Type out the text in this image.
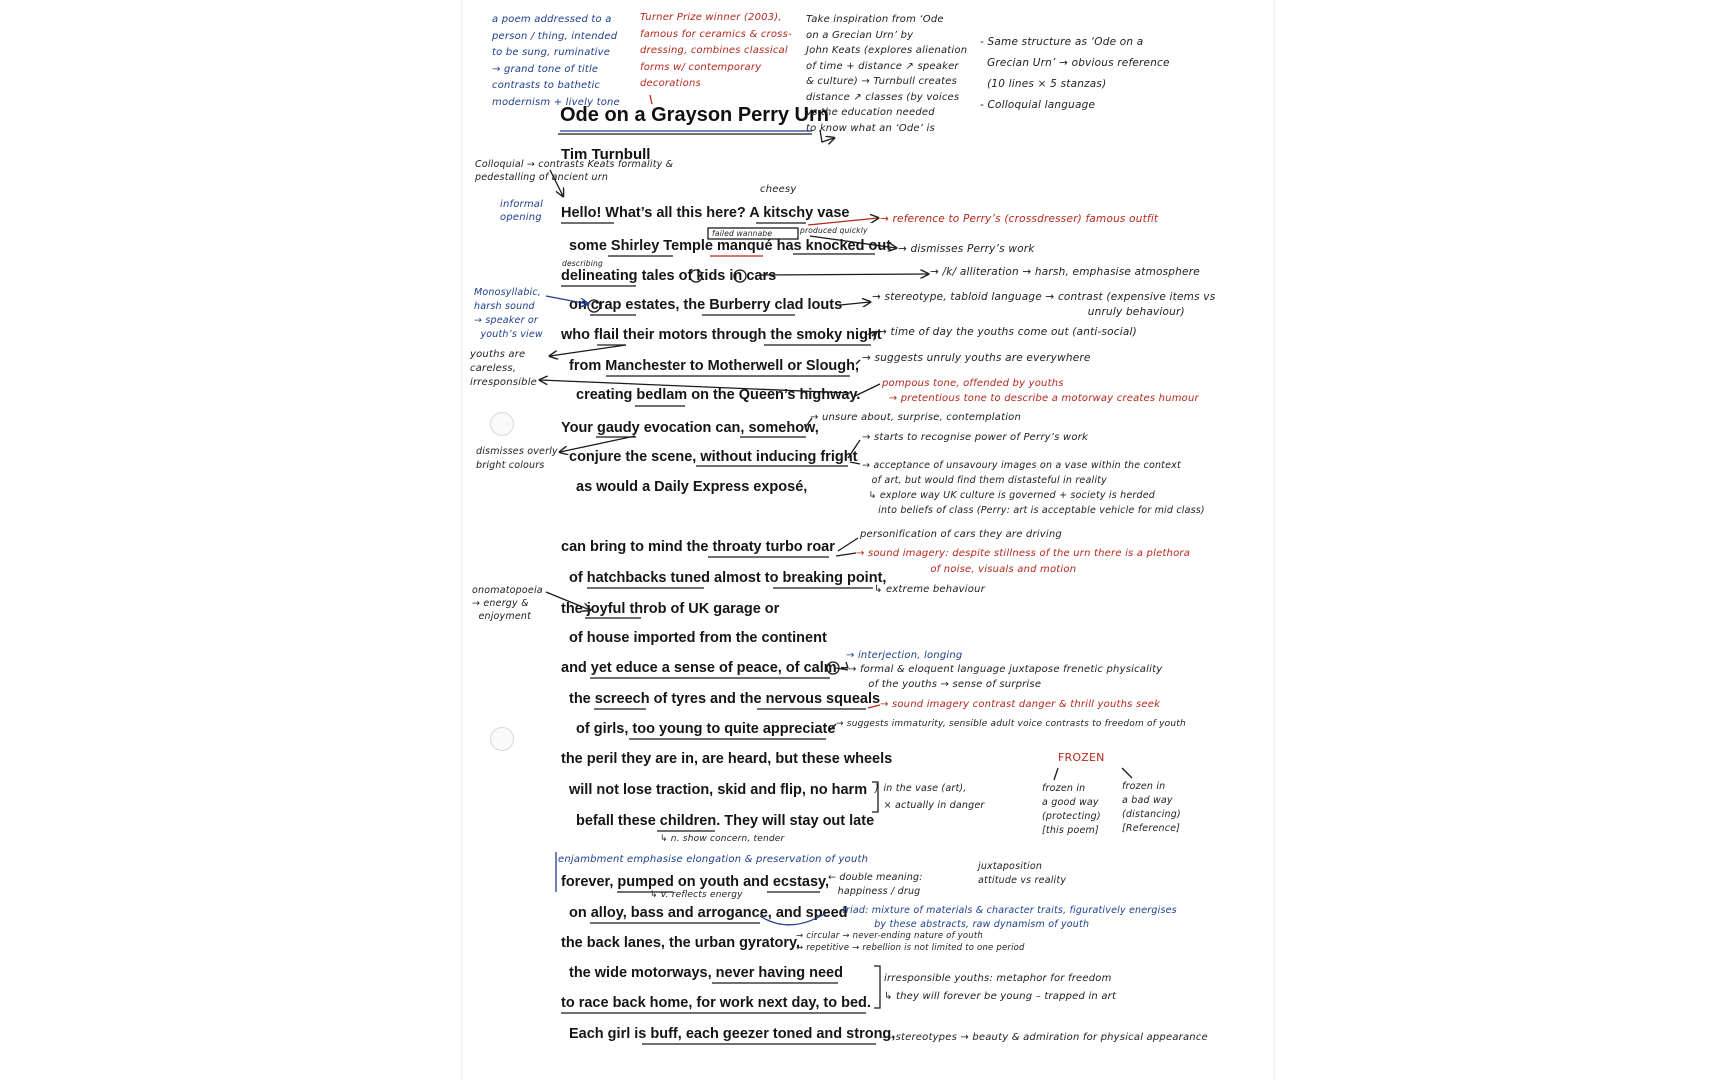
Ode on a Grayson Perry Urn
Tim Turnbull
Hello! What’s all this here? A kitschy vase
some Shirley Temple manqué has knocked out
delineating tales of kids in cars
on crap estates, the Burberry clad louts
who flail their motors through the smoky night
from Manchester to Motherwell or Slough,
creating bedlam on the Queen’s highway.
Your gaudy evocation can, somehow,
conjure the scene, without inducing fright
as would a Daily Express exposé,
can bring to mind the throaty turbo roar
of hatchbacks tuned almost to breaking point,
the joyful throb of UK garage or
of house imported from the continent
and yet educe a sense of peace, of calm –
the screech of tyres and the nervous squeals
of girls, too young to quite appreciate
the peril they are in, are heard, but these wheels
will not lose traction, skid and flip, no harm
befall these children. They will stay out late
forever, pumped on youth and ecstasy,
on alloy, bass and arrogance, and speed
the back lanes, the urban gyratory,
the wide motorways, never having need
to race back home, for work next day, to bed.
Each girl is buff, each geezer toned and strong,
a poem addressed to a
person / thing, intended
to be sung, ruminative
→ grand tone of title
contrasts to bathetic
modernism + lively tone
Turner Prize winner (2003),
famous for ceramics & cross-
dressing, combines classical
forms w/ contemporary
decorations
Take inspiration from ‘Ode
on a Grecian Urn’ by
John Keats (explores alienation
of time + distance ↗ speaker
& culture) → Turnbull creates
distance ↗ classes (by voices
vs the education needed
to know what an ‘Ode’ is
- Same structure as ‘Ode on a
Grecian Urn’ → obvious reference
(10 lines × 5 stanzas)
- Colloquial language
Colloquial → contrasts Keats formality &
pedestalling of ancient urn
informal
opening
cheesy
failed wannabe	produced quickly
describing
→ reference to Perry’s (crossdresser) famous outfit
→ dismisses Perry’s work
→ /k/ alliteration → harsh, emphasise atmosphere
→ stereotype, tabloid language → contrast (expensive items vs
unruly behaviour)
Monosyllabic,
harsh sound
→ speaker or
youth’s view	→ time of day the youths come out (anti-social)
youths are
careless,
irresponsible
→ suggests unruly youths are everywhere
pompous tone, offended by youths
→ pretentious tone to describe a motorway creates humour
→ unsure about, surprise, contemplation
→ starts to recognise power of Perry’s work
dismisses overly
bright colours	→ acceptance of unsavoury images on a vase within the context
of art, but would find them distasteful in reality
↳ explore way UK culture is governed + society is herded
into beliefs of class (Perry: art is acceptable vehicle for mid class)
personification of cars they are driving
→ sound imagery: despite stillness of the urn there is a plethora
of noise, visuals and motion
↳ extreme behaviour
onomatopoeia
→ energy &
enjoyment
→ interjection, longing
→ formal & eloquent language juxtapose frenetic physicality
of the youths → sense of surprise
→ sound imagery contrast danger & thrill youths seek
→ suggests immaturity, sensible adult voice contrasts to freedom of youth
FROZEN
frozen in
a good way
(protecting)
[this poem]
frozen in
a bad way
(distancing)
[Reference]
} in the vase (art),
× actually in danger
↳ n. show concern, tender
enjambment emphasise elongation & preservation of youth
juxtaposition
attitude vs reality
← double meaning:
happiness / drug
↳ v. reflects energy
triad: mixture of materials & character traits, figuratively energises
by these abstracts, raw dynamism of youth
→ circular → never-ending nature of youth
→ repetitive → rebellion is not limited to one period
irresponsible youths: metaphor for freedom
↳ they will forever be young – trapped in art
— stereotypes → beauty & admiration for physical appearance
